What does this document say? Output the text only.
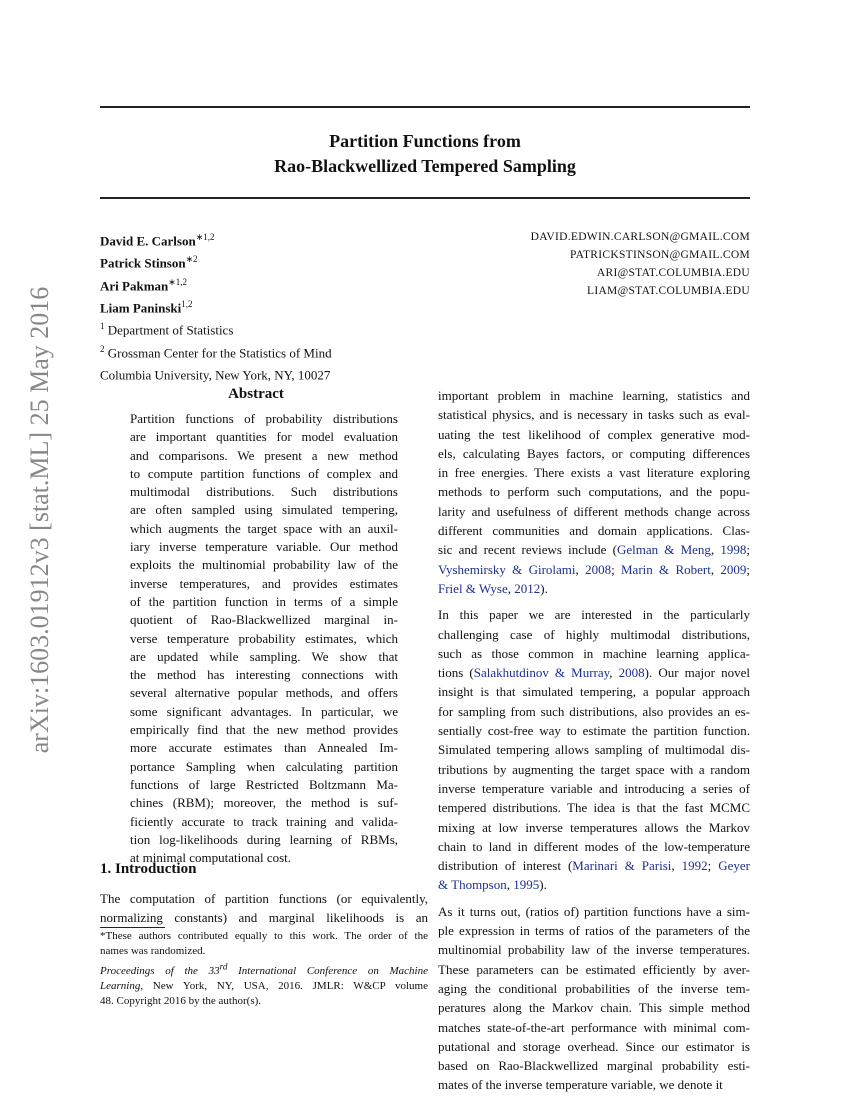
arXiv:1603.01912v3 [stat.ML] 25 May 2016
Partition Functions from
Rao-Blackwellized Tempered Sampling
David E. Carlson$^{∗1,2}$
Patrick Stinson$^{∗2}$
Ari Pakman$^{∗1,2}$
Liam Paninski$^{1,2}$
$^1$ Department of Statistics
$^2$ Grossman Center for the Statistics of Mind
Columbia University, New York, NY, 10027
DAVID.EDWIN.CARLSON@GMAIL.COM
PATRICKSTINSON@GMAIL.COM
ARI@STAT.COLUMBIA.EDU
LIAM@STAT.COLUMBIA.EDU
Abstract
Partition functions of probability distributions
are important quantities for model evaluation
and comparisons. We present a new method
to compute partition functions of complex and
multimodal distributions. Such distributions
are often sampled using simulated tempering,
which augments the target space with an auxil-
iary inverse temperature variable. Our method
exploits the multinomial probability law of the
inverse temperatures, and provides estimates
of the partition function in terms of a simple
quotient of Rao-Blackwellized marginal in-
verse temperature probability estimates, which
are updated while sampling. We show that
the method has interesting connections with
several alternative popular methods, and offers
some significant advantages. In particular, we
empirically find that the new method provides
more accurate estimates than Annealed Im-
portance Sampling when calculating partition
functions of large Restricted Boltzmann Ma-
chines (RBM); moreover, the method is suf-
ficiently accurate to track training and valida-
tion log-likelihoods during learning of RBMs,
at minimal computational cost.
1. Introduction
The computation of partition functions (or equivalently,
normalizing constants) and marginal likelihoods is an
*These authors contributed equally to this work. The order of the
names was randomized.
Proceedings of the 33rd International Conference on Machine
Learning, New York, NY, USA, 2016. JMLR: W&CP volume
48. Copyright 2016 by the author(s).
important problem in machine learning, statistics and
statistical physics, and is necessary in tasks such as eval-
uating the test likelihood of complex generative mod-
els, calculating Bayes factors, or computing differences
in free energies. There exists a vast literature exploring
methods to perform such computations, and the popu-
larity and usefulness of different methods change across
different communities and domain applications. Clas-
sic and recent reviews include (Gelman & Meng, 1998;
Vyshemirsky & Girolami, 2008; Marin & Robert, 2009;
Friel & Wyse, 2012).
In this paper we are interested in the particularly
challenging case of highly multimodal distributions,
such as those common in machine learning applica-
tions (Salakhutdinov & Murray, 2008). Our major novel
insight is that simulated tempering, a popular approach
for sampling from such distributions, also provides an es-
sentially cost-free way to estimate the partition function.
Simulated tempering allows sampling of multimodal dis-
tributions by augmenting the target space with a random
inverse temperature variable and introducing a series of
tempered distributions. The idea is that the fast MCMC
mixing at low inverse temperatures allows the Markov
chain to land in different modes of the low-temperature
distribution of interest (Marinari & Parisi, 1992; Geyer
& Thompson, 1995).
As it turns out, (ratios of) partition functions have a sim-
ple expression in terms of ratios of the parameters of the
multinomial probability law of the inverse temperatures.
These parameters can be estimated efficiently by aver-
aging the conditional probabilities of the inverse tem-
peratures along the Markov chain. This simple method
matches state-of-the-art performance with minimal com-
putational and storage overhead. Since our estimator is
based on Rao-Blackwellized marginal probability esti-
mates of the inverse temperature variable, we denote it
